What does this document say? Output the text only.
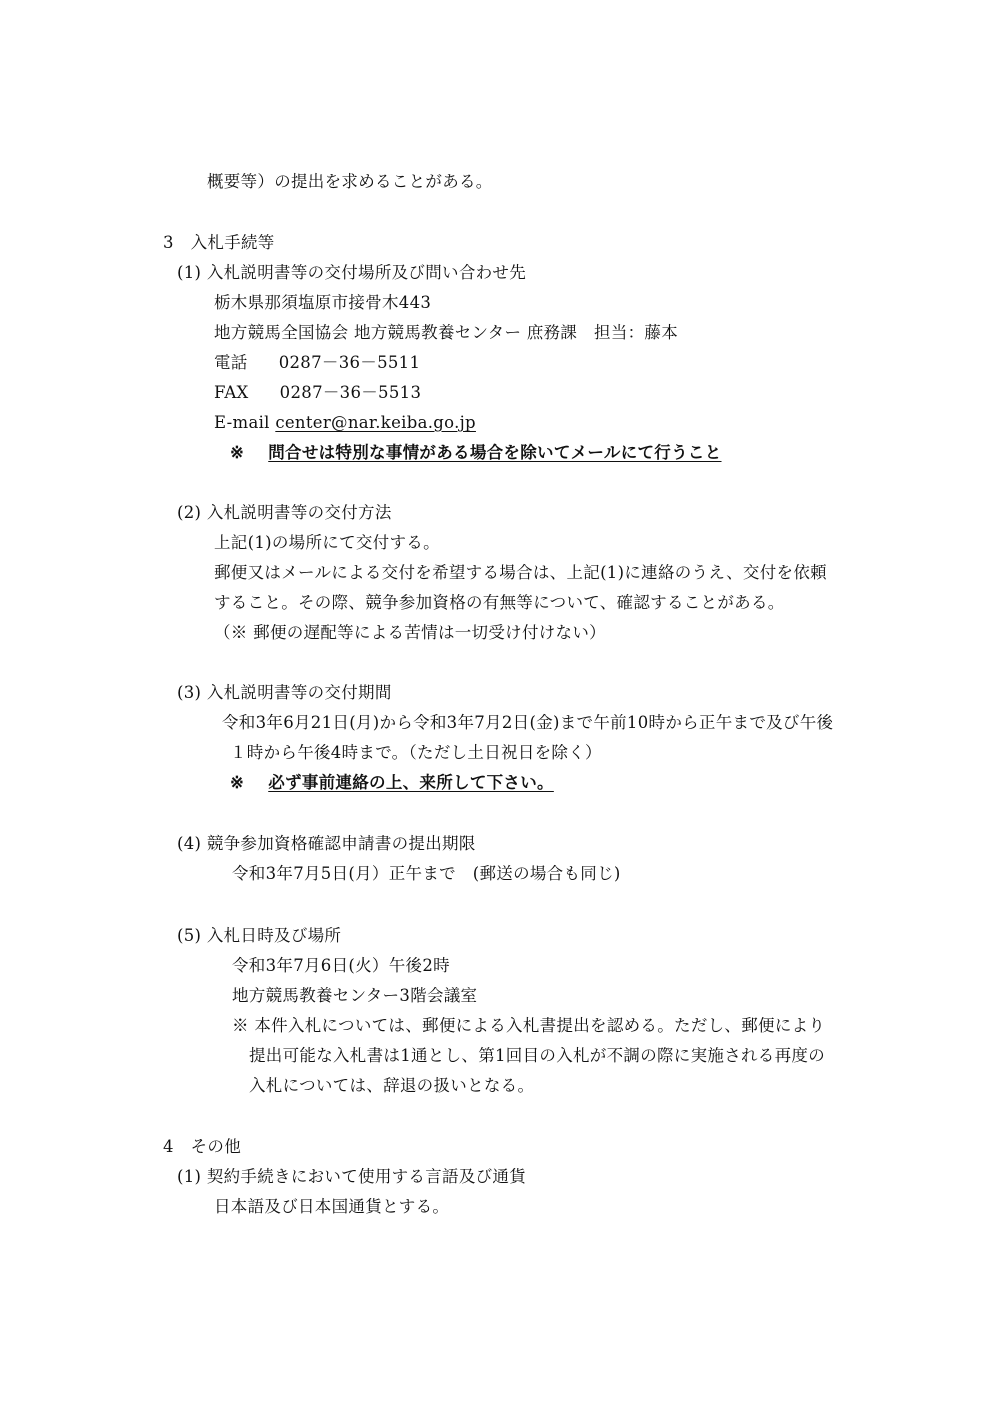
概要等）の提出を求めることがある。
3　入札手続等
(1) 入札説明書等の交付場所及び問い合わせ先
栃木県那須塩原市接骨木443
地方競馬全国協会 地方競馬教養センター 庶務課　担当：藤本
電話 0287－36－5511
FAX 0287－36－5513
E-mail center@nar.keiba.go.jp
※ 問合せは特別な事情がある場合を除いてメールにて行うこと
(2) 入札説明書等の交付方法
上記(1)の場所にて交付する。
郵便又はメールによる交付を希望する場合は、上記(1)に連絡のうえ、交付を依頼
すること。その際、競争参加資格の有無等について、確認することがある。
（※ 郵便の遅配等による苦情は一切受け付けない）
(3) 入札説明書等の交付期間
令和3年6月21日(月)から令和3年7月2日(金)まで午前10時から正午まで及び午後
１時から午後4時まで。（ただし土日祝日を除く）
※ 必ず事前連絡の上、来所して下さい。
(4) 競争参加資格確認申請書の提出期限
令和3年7月5日(月）正午まで　(郵送の場合も同じ)
(5) 入札日時及び場所
令和3年7月6日(火）午後2時
地方競馬教養センター3階会議室
※ 本件入札については、郵便による入札書提出を認める。ただし、郵便により
提出可能な入札書は1通とし、第1回目の入札が不調の際に実施される再度の
入札については、辞退の扱いとなる。
4　その他
(1) 契約手続きにおいて使用する言語及び通貨
日本語及び日本国通貨とする。
